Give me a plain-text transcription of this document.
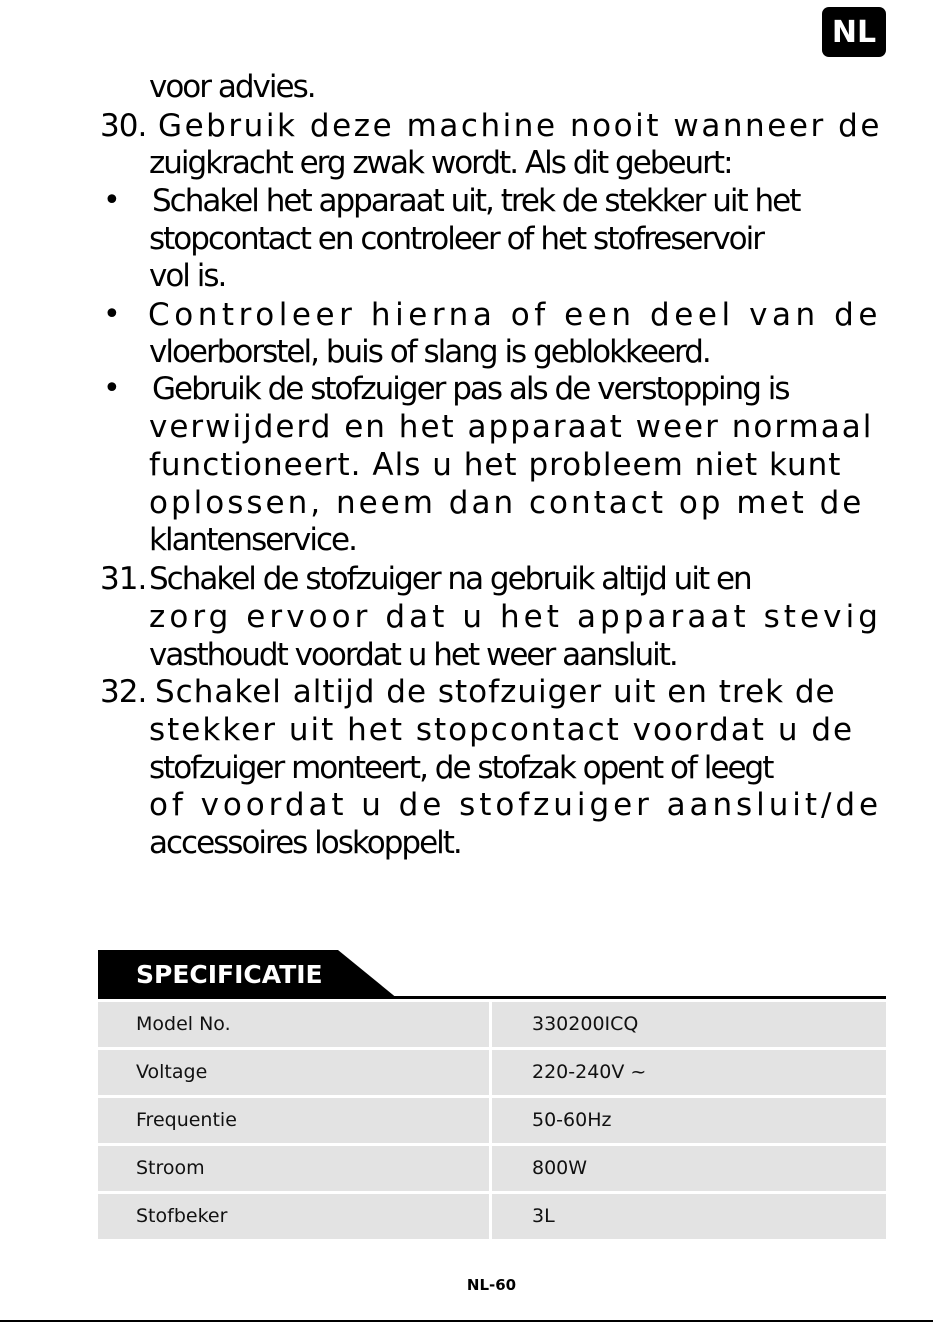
NL
voor advies.
30. Gebruik deze machine nooit wanneer de
zuigkracht erg zwak wordt. Als dit gebeurt:
• Schakel het apparaat uit, trek de stekker uit het
stopcontact en controleer of het stofreservoir
vol is.
• Controleer hierna of een deel van de
vloerborstel, buis of slang is geblokkeerd.
• Gebruik de stofzuiger pas als de verstopping is
verwijderd en het apparaat weer normaal
functioneert. Als u het probleem niet kunt
oplossen, neem dan contact op met de
klantenservice.
31. Schakel de stofzuiger na gebruik altijd uit en
zorg ervoor dat u het apparaat stevig
vasthoudt voordat u het weer aansluit.
32. Schakel altijd de stofzuiger uit en trek de
stekker uit het stopcontact voordat u de
stofzuiger monteert, de stofzak opent of leegt
of voordat u de stofzuiger aansluit/de
accessoires loskoppelt.
SPECIFICATIE
Model No.	330200ICQ
Voltage	220-240V ~
Frequentie	50-60Hz
Stroom	800W
Stofbeker	3L
NL-60
